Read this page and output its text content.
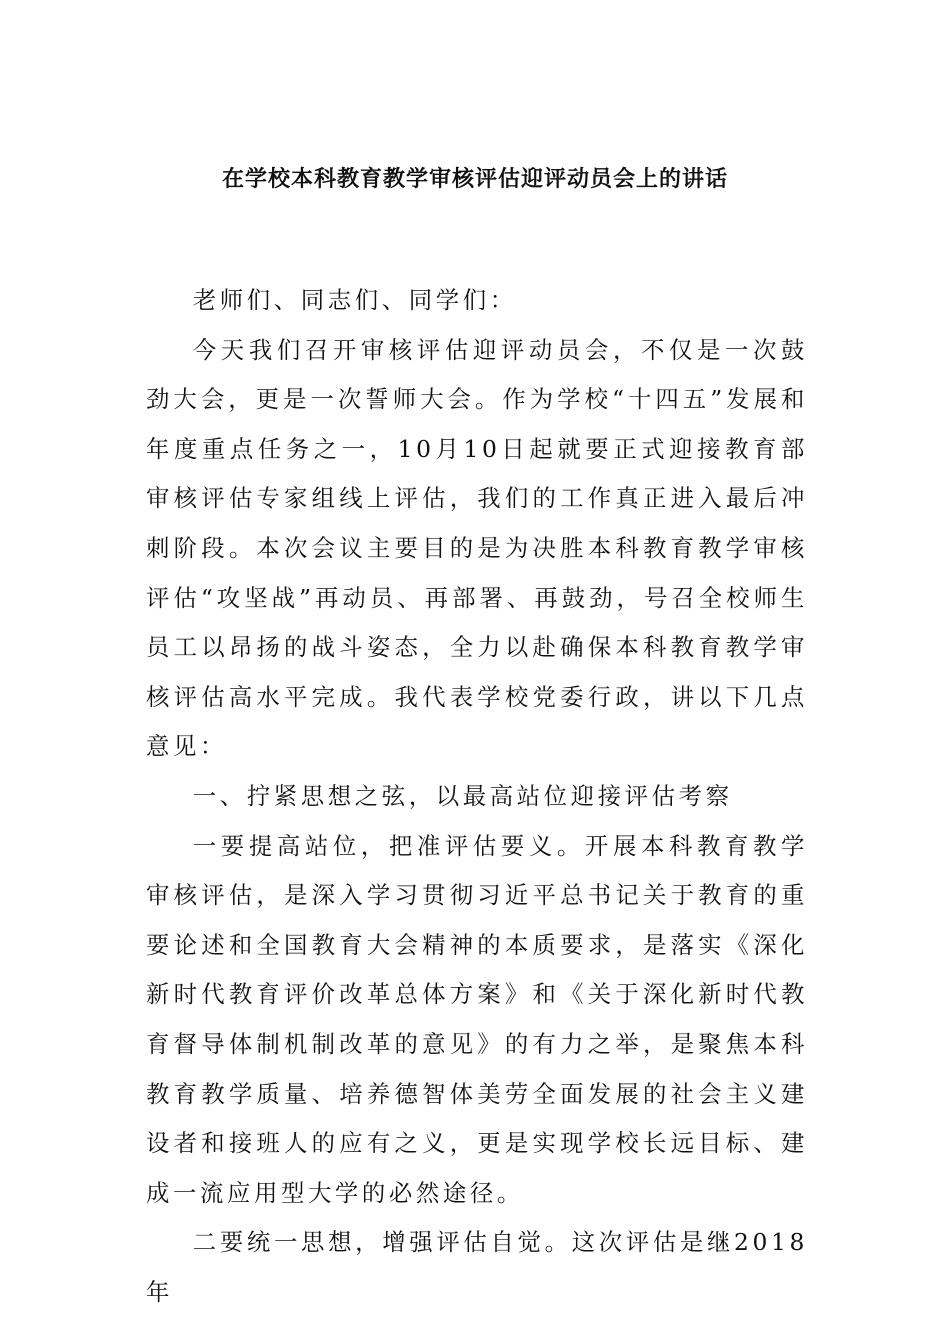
在学校本科教育教学审核评估迎评动员会上的讲话

老师们、同志们、同学们：

今天我们召开审核评估迎评动员会，不仅是一次鼓劲大会，更是一次誓师大会。作为学校“十四五”发展和年度重点任务之一，10月10日起就要正式迎接教育部审核评估专家组线上评估，我们的工作真正进入最后冲刺阶段。本次会议主要目的是为决胜本科教育教学审核评估“攻坚战”再动员、再部署、再鼓劲，号召全校师生员工以昂扬的战斗姿态，全力以赴确保本科教育教学审核评估高水平完成。我代表学校党委行政，讲以下几点意见：

一、拧紧思想之弦，以最高站位迎接评估考察

一要提高站位，把准评估要义。开展本科教育教学审核评估，是深入学习贯彻习近平总书记关于教育的重要论述和全国教育大会精神的本质要求，是落实《深化新时代教育评价改革总体方案》和《关于深化新时代教育督导体制机制改革的意见》的有力之举，是聚焦本科教育教学质量、培养德智体美劳全面发展的社会主义建设者和接班人的应有之义，更是实现学校长远目标、建成一流应用型大学的必然途径。

二要统一思想，增强评估自觉。这次评估是继2018年
